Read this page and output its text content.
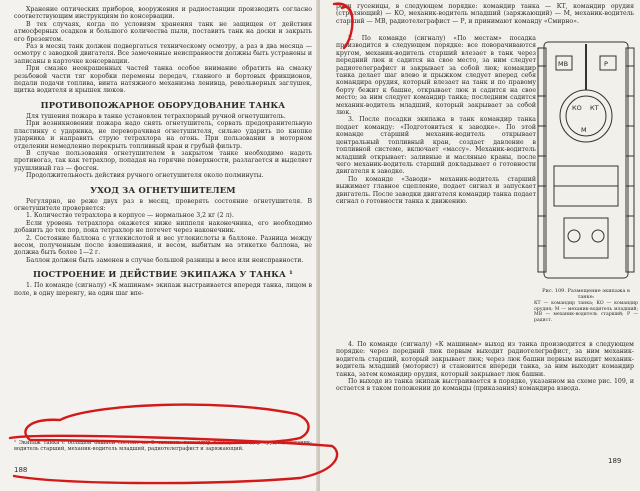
Хранение оптических приборов, вооружения и радиостанции производить согласно соответствующим инструкциям по консервации.

В тех случаях, когда по условиям хранения танк не защищен от действия атмосферных осадков и большого количества пыли, поставить танк на доски и закрыть его брезентом.

Раз в месяц танк должен подвергаться техническому осмотру, а раз в два месяца — осмотру с заводкой двигателя. Все замеченные неисправности должны быть устранены и записаны в карточке консервации.

При смазке неокрашенных частей танка особое внимание обратить на смазку резьбовой части тяг коробки перемены передач, главного и бортовых фрикционов, педали подачи топлива, винта натяжного механизма ленивца, револьверных заглушек, щитка водителя и крышек люков.

ПРОТИВОПОЖАРНОЕ ОБОРУДОВАНИЕ ТАНКА

Для тушения пожара в танке установлен тетрахлорный ручной огнетушитель.

При возникновении пожара надо снять огнетушитель, сорвать предохранительную пластинку с ударника, не переворачивая огнетушителя, сильно ударить по кнопке ударника и направить струю тетрахлора на огонь. При пользовании в моторном отделении немедленно перекрыть топливный кран и грубый фильтр.

В случае пользования огнетушителем в закрытом танке необходимо надеть противогаз, так как тетрахлор, попадая на горячие поверхности, разлагается и выделяет удушливый газ — фосген.

Продолжительность действия ручного огнетушителя около полминуты.

УХОД ЗА ОГНЕТУШИТЕЛЕМ

Регулярно, не реже двух раз в месяц, проверять состояние огнетушителя. В огнетушителе проверяется:

1. Количество тетрахлора в корпусе — нормальное 3,2 кг (2 л).

Если уровень тетрахлора окажется ниже ниппеля наконечника, его необходимо добавить до тех пор, пока тетрахлор не потечет через наконечник.

2. Состояние баллона с углекислотой и вес углекислоты в баллоне. Разница между весом, полученным после взвешивания, и весом, выбитым на этикетке баллона, не должна быть более 1—2 г.

Баллон должен быть заменен в случае большой разницы в весе или неисправности.

ПОСТРОЕНИЕ И ДЕЙСТВИЕ ЭКИПАЖА У ТАНКА ¹

1. По команде (сигналу) «К машинам» экипаж выстраивается впереди танка, лицом в поле, в одну шеренгу, на один шаг впе-

¹ Экипаж танка с большой башней состоит из 6 человек: командир танка, командир орудия, механик-водитель старший, механик-водитель младший, радиотелеграфист и заряжающий.
188

реди гусеницы, в следующем порядке: командир танка — КТ, командир орудия (стреляющий) — КО, механик-водитель младший (заряжающий) — М, механик-водитель старший — МВ, радиотелеграфист — Р, и принимают команду «Смирно».

2. По команде (сигналу) «По местам» посадка производится в следующем порядке: все поворачиваются кругом, механик-водитель старший влезает в танк через передний люк и садится на свое место, за ним следует радиотелеграфист и закрывает за собой люк; командир танка делает шаг влево и прыжком следует вперед себя командира орудия, который влезает на танк и по правому борту бежит к башне, открывает люк и садится на свое место; за ним следует командир танка; последним садится механик-водитель младший, который закрывает за собой люк.

3. После посадки экипажа в танк командир танка подает команду: «Подготовиться к заводке». По этой команде старший механик-водитель открывает центральный топливный кран, создает давление в топливной системе, включает «массу». Механик-водитель младший открывает: заливные и масляные краны, после чего механик-водитель старший докладывает о готовности двигателя к заводке.

По команде «Заводи» механик-водитель старший выжимает главное сцепление, подает сигнал и запускает двигатель. После заводки двигателя командир танка подает сигнал о готовности танка к движению.

МВ	Р
КО КТ
М
Рис. 109. Размещение экипажа в танке:
КТ — командир танка; КО — командир орудия; М — механик-водитель младший; МВ — механик-водитель старший; Р — радист.

4. По команде (сигналу) «К машинам» выход из танка производится в следующем порядке: через передний люк первым выходит радиотелеграфист, за ним механик-водитель старший, который закрывает люк; через люк башни первым выходит механик-водитель младший (моторист) и становится впереди танка, за ним выходит командир танка, затем командир орудия, который закрывает люк башни.

По выходе из танка экипаж выстраивается в порядке, указанном на схеме рис. 109, и остается в таком положении до команды (приказания) командира взвода.

189
